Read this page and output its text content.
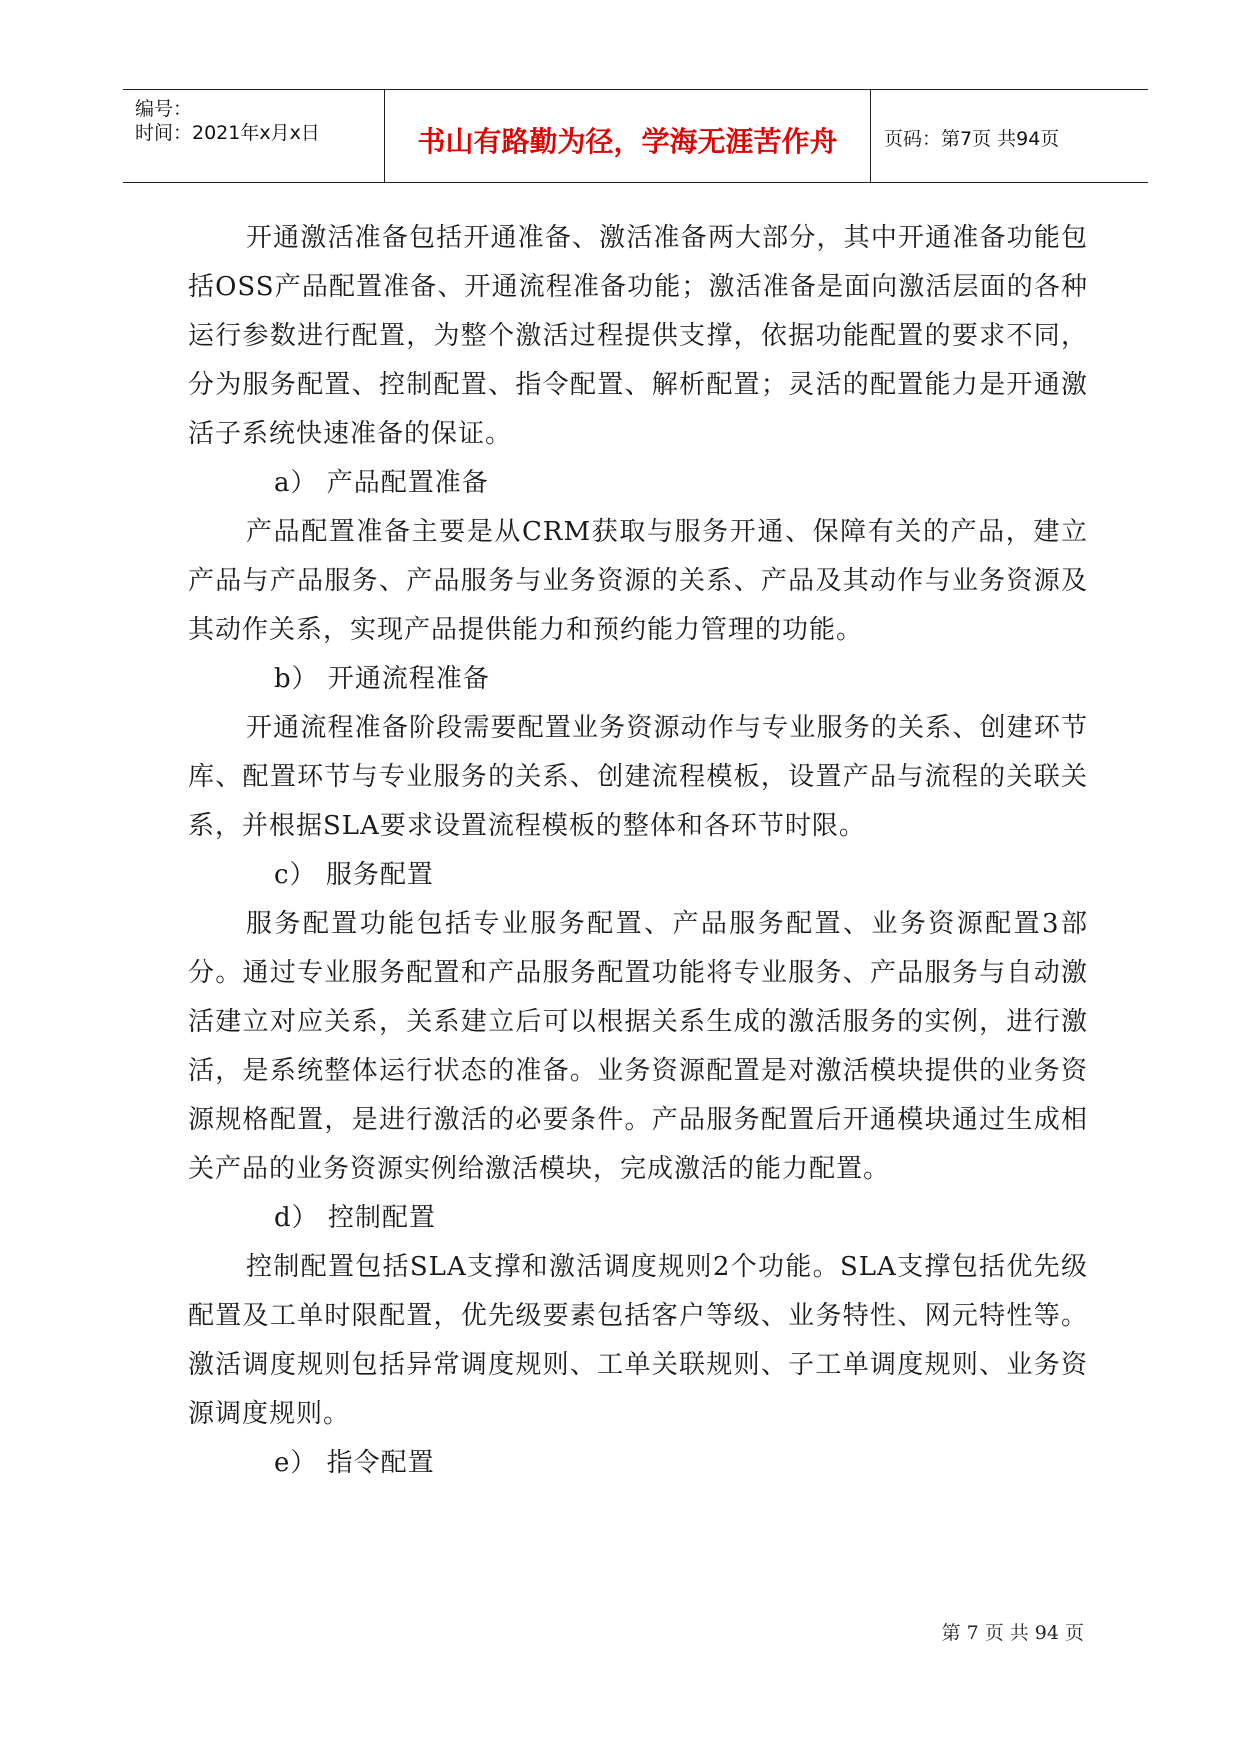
编号：
时间：2021年x月x日	书山有路勤为径，学海无涯苦作舟	页码：第7页 共94页

开通激活准备包括开通准备、激活准备两大部分，其中开通准备功能包括OSS产品配置准备、开通流程准备功能；激活准备是面向激活层面的各种运行参数进行配置，为整个激活过程提供支撑，依据功能配置的要求不同，分为服务配置、控制配置、指令配置、解析配置；灵活的配置能力是开通激活子系统快速准备的保证。

a） 产品配置准备

产品配置准备主要是从CRM获取与服务开通、保障有关的产品，建立产品与产品服务、产品服务与业务资源的关系、产品及其动作与业务资源及其动作关系，实现产品提供能力和预约能力管理的功能。

b） 开通流程准备

开通流程准备阶段需要配置业务资源动作与专业服务的关系、创建环节库、配置环节与专业服务的关系、创建流程模板，设置产品与流程的关联关系，并根据SLA要求设置流程模板的整体和各环节时限。

c） 服务配置

服务配置功能包括专业服务配置、产品服务配置、业务资源配置3部分。通过专业服务配置和产品服务配置功能将专业服务、产品服务与自动激活建立对应关系，关系建立后可以根据关系生成的激活服务的实例，进行激活，是系统整体运行状态的准备。业务资源配置是对激活模块提供的业务资源规格配置，是进行激活的必要条件。产品服务配置后开通模块通过生成相关产品的业务资源实例给激活模块，完成激活的能力配置。

d） 控制配置

控制配置包括SLA支撑和激活调度规则2个功能。SLA支撑包括优先级配置及工单时限配置，优先级要素包括客户等级、业务特性、网元特性等。激活调度规则包括异常调度规则、工单关联规则、子工单调度规则、业务资源调度规则。

e） 指令配置

第 7 页 共 94 页
